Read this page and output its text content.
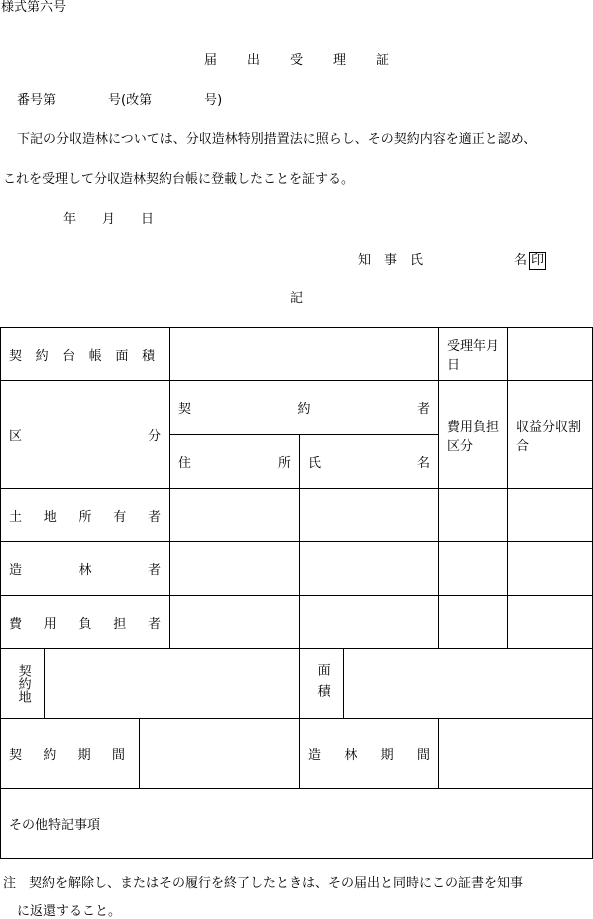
様式第六号
届 出 受 理 証
番号第　　　　号(改第　　　　号)
下記の分収造林については、分収造林特別措置法に照らし、その契約内容を適正と認め、
これを受理して分収造林契約台帳に登載したことを証する。
年　　月　　日
知　事　氏　　　　　　　名 印
記
契約台帳面積						受理年月日	
区分			契約者			費用負担区分	収益分収割合
			住所	氏名			
土地所有者							
造林者							
費用負担者							
契約地				面積			
契約期間				造林期間			
その他特記事項							
注　契約を解除し、またはその履行を終了したときは、その届出と同時にこの証書を知事
に返還すること。
